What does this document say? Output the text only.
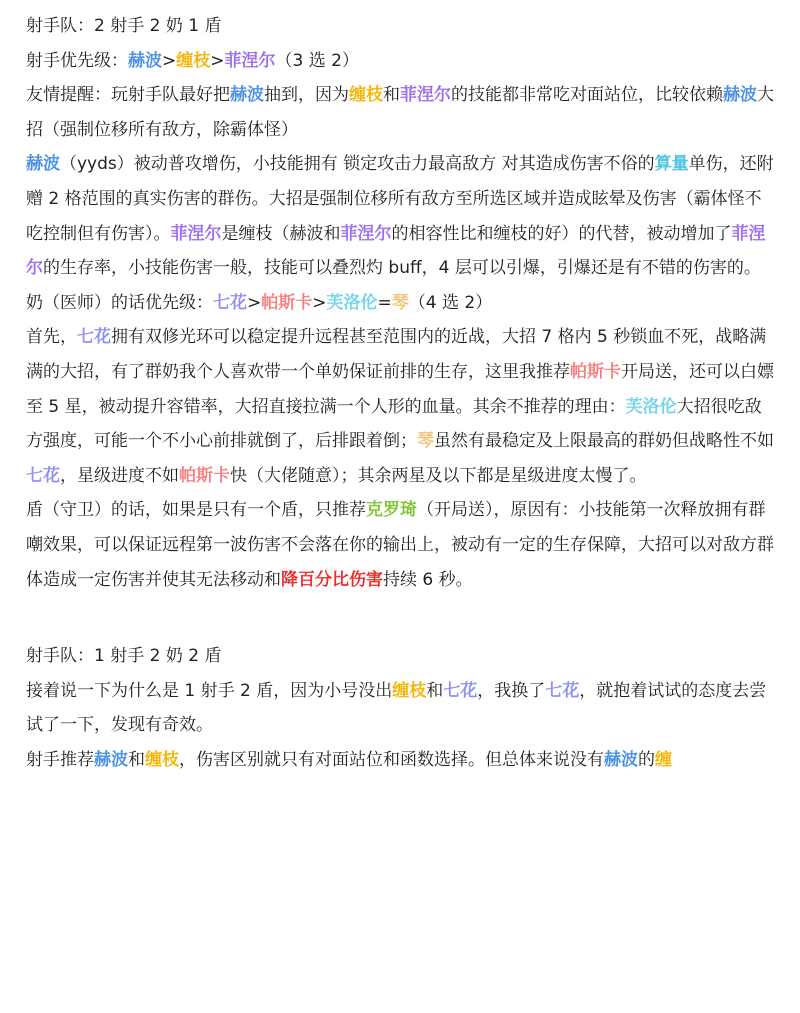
射手队：2 射手 2 奶 1 盾

射手优先级：赫波>缠枝>菲涅尔（3 选 2）

友情提醒：玩射手队最好把赫波抽到，因为缠枝和菲涅尔的技能都非常吃对面站位，比较依赖赫波大招（强制位移所有敌方，除霸体怪）

赫波（yyds）被动普攻增伤，小技能拥有 锁定攻击力最高敌方 对其造成伤害不俗的算量单伤，还附赠 2 格范围的真实伤害的群伤。大招是强制位移所有敌方至所选区域并造成眩晕及伤害（霸体怪不吃控制但有伤害）。菲涅尔是缠枝（赫波和菲涅尔的相容性比和缠枝的好）的代替，被动增加了菲涅尔的生存率，小技能伤害一般，技能可以叠烈灼 buff，4 层可以引爆，引爆还是有不错的伤害的。

奶（医师）的话优先级：七花>帕斯卡>芙洛伦=琴（4 选 2）

首先，七花拥有双修光环可以稳定提升远程甚至范围内的近战，大招 7 格内 5 秒锁血不死，战略满满的大招，有了群奶我个人喜欢带一个单奶保证前排的生存，这里我推荐帕斯卡开局送，还可以白嫖至 5 星，被动提升容错率，大招直接拉满一个人形的血量。其余不推荐的理由：芙洛伦大招很吃敌方强度，可能一个不小心前排就倒了，后排跟着倒；琴虽然有最稳定及上限最高的群奶但战略性不如七花，星级进度不如帕斯卡快（大佬随意）；其余两星及以下都是星级进度太慢了。

盾（守卫）的话，如果是只有一个盾，只推荐克罗琦（开局送），原因有：小技能第一次释放拥有群嘲效果，可以保证远程第一波伤害不会落在你的输出上，被动有一定的生存保障，大招可以对敌方群体造成一定伤害并使其无法移动和降百分比伤害持续 6 秒。

射手队：1 射手 2 奶 2 盾

接着说一下为什么是 1 射手 2 盾，因为小号没出缠枝和七花，我换了七花，就抱着试试的态度去尝试了一下，发现有奇效。

射手推荐赫波和缠枝，伤害区别就只有对面站位和函数选择。但总体来说没有赫波的缠
